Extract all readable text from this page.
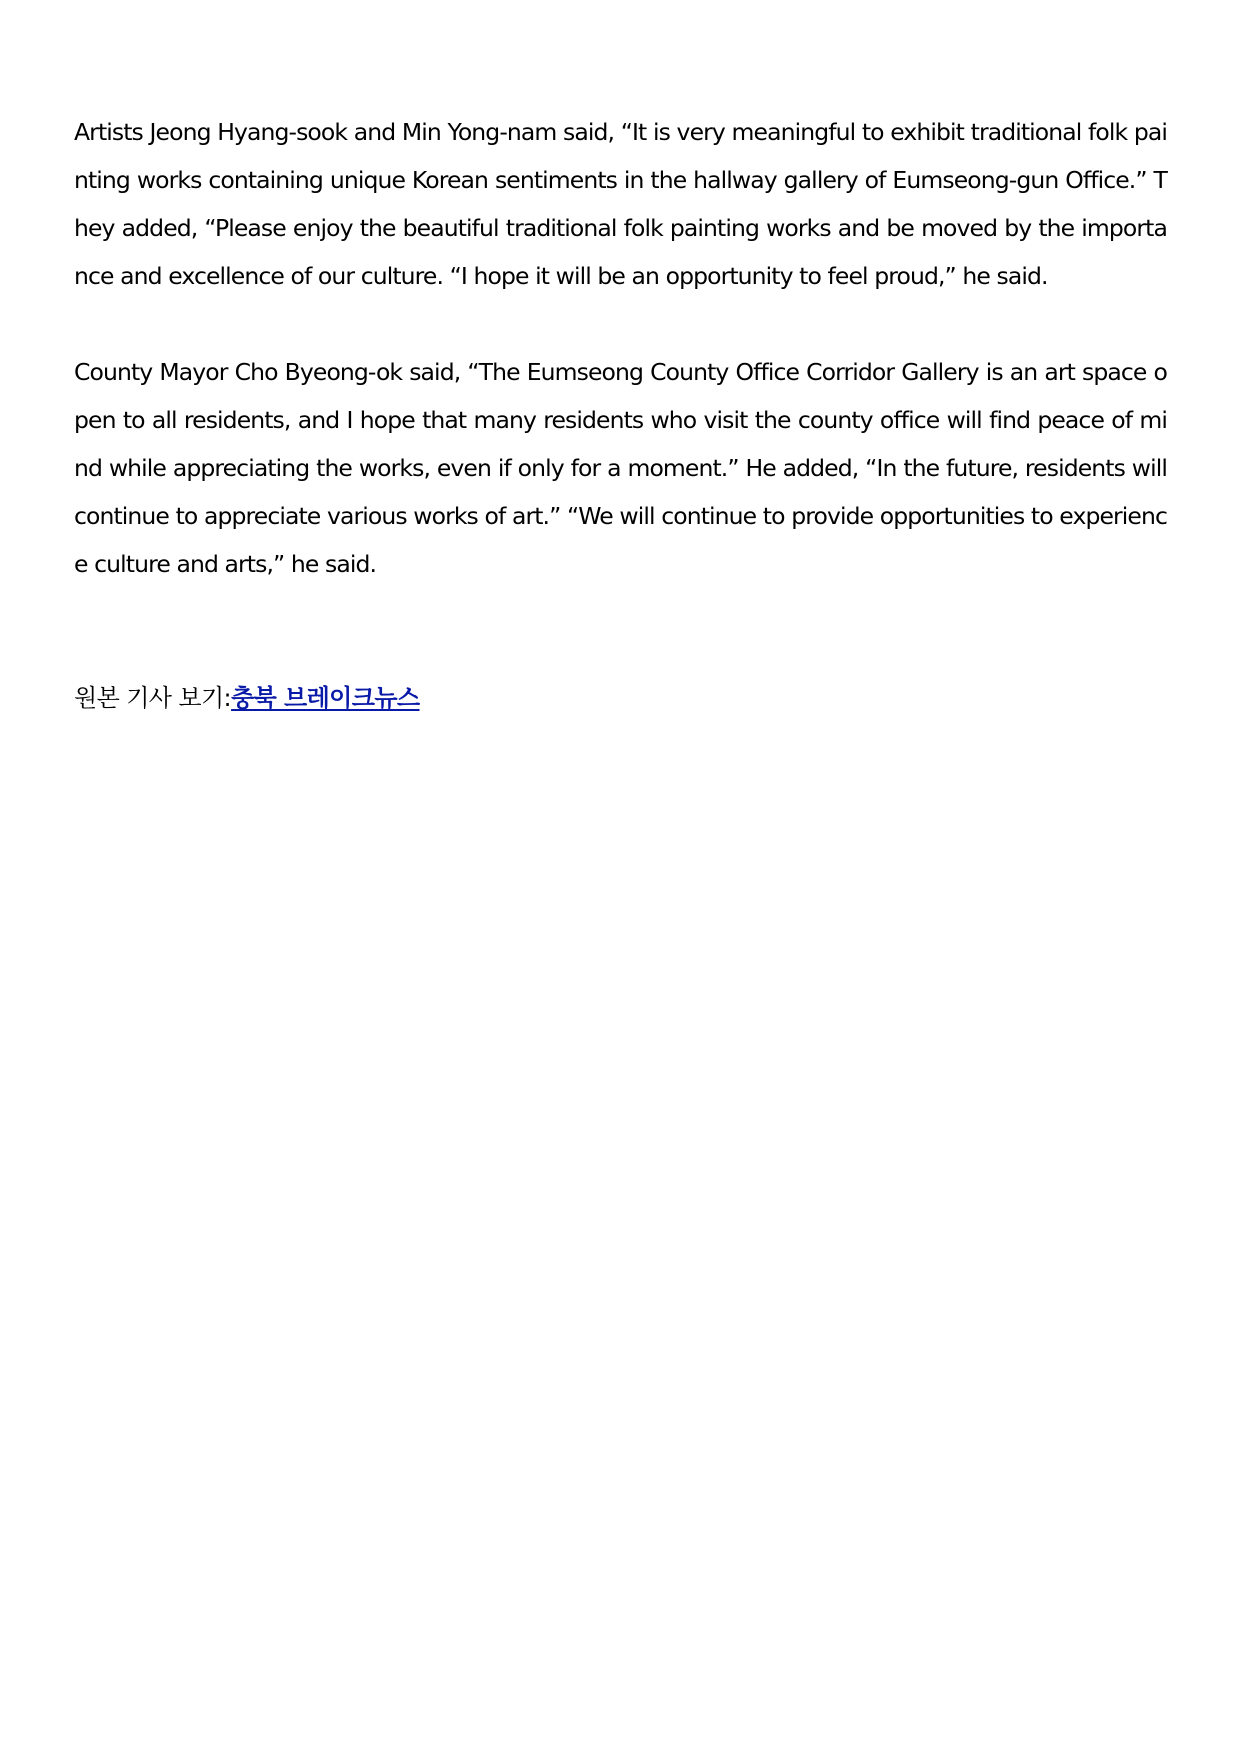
Artists Jeong Hyang-sook and Min Yong-nam said, “It is very meaningful to exhibit traditional folk painting works containing unique Korean sentiments in the hallway gallery of Eumseong-gun Office.” They added, “Please enjoy the beautiful traditional folk painting works and be moved by the importance and excellence of our culture. “I hope it will be an opportunity to feel proud,” he said.

County Mayor Cho Byeong-ok said, “The Eumseong County Office Corridor Gallery is an art space open to all residents, and I hope that many residents who visit the county office will find peace of mind while appreciating the works, even if only for a moment.” He added, “In the future, residents will continue to appreciate various works of art.” “We will continue to provide opportunities to experience culture and arts,” he said.

원본 기사 보기:충북 브레이크뉴스
